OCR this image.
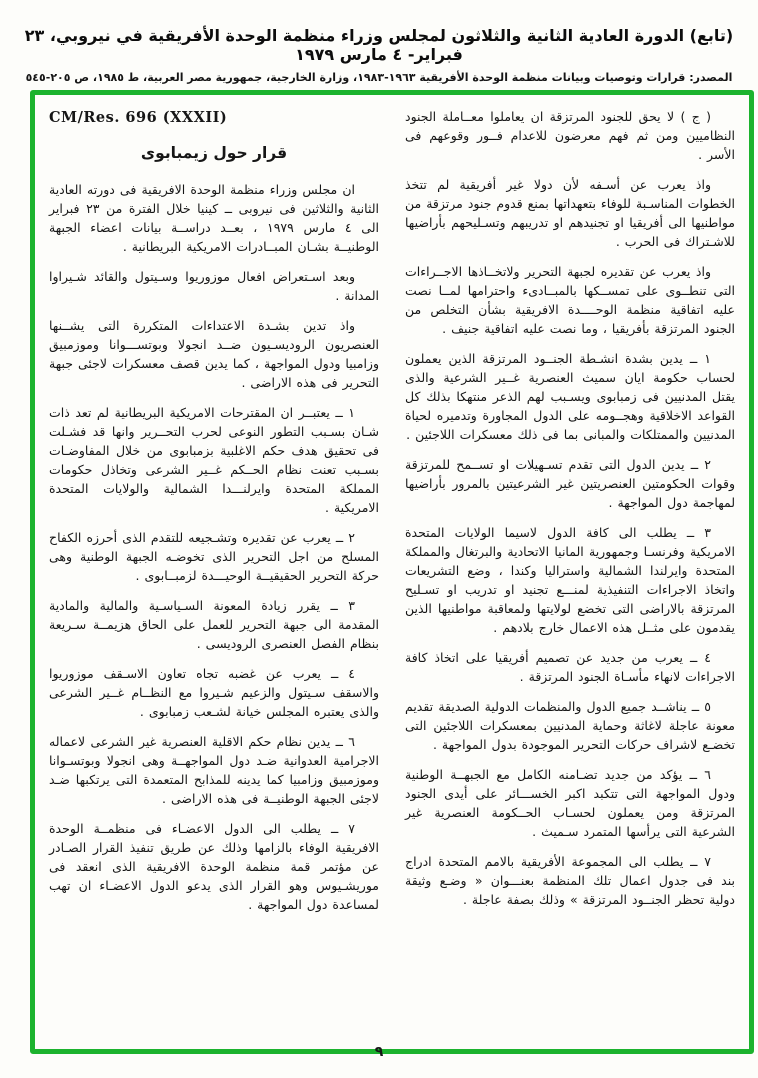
(تابع) الدورة العادية الثانية والثلاثون لمجلس وزراء منظمة الوحدة الأفريقية في نيروبي، ٢٣ فبراير- ٤ مارس ١٩٧٩
المصدر: قرارات وتوصيات وبيانات منظمة الوحدة الأفريقية ١٩٦٣-١٩٨٣، وزارة الخارجية، جمهورية مصر العربية، ط ١٩٨٥، ص ٢٠٥-٥٤٥

( ج ) لا يحق للجنود المرتزقة ان يعاملوا معــاملة الجنود النظاميين ومن ثم فهم معرضون للاعدام فــور وقوعهم فى الأسر .

واذ يعرب عن أسـفه لأن دولا غير أفريقية لم تتخذ الخطوات المناسـبة للوفاء بتعهداتها بمنع قدوم جنود مرتزقة من مواطنيها الى أفريقيا او تجنيدهم او تدريبهم وتسـليحهم بأراضيها للاشـتراك فى الحرب .

واذ يعرب عن تقديره لجبهة التحرير ولاتخــاذها الاجــراءات التى تنطــوى على تمســكها بالمبــادىء واحترامها لمــا نصت عليه اتفاقية منظمة الوحــــدة الافريقية بشأن التخلص من الجنود المرتزقة بأفريقيا ، وما نصت عليه اتفاقية جنيف .

١ ــ يدين بشدة انشـطة الجنــود المرتزقة الذين يعملون لحساب حكومة ايان سميث العنصرية غــير الشرعية والذى يقتل المدنيين فى زمبابوى ويسـبب لهم الذعر منتهكا بذلك كل القواعد الاخلاقية وهجــومه على الدول المجاورة وتدميره لحياة المدنيين والممتلكات والمبانى بما فى ذلك معسكرات اللاجئين .

٢ ــ يدين الدول التى تقدم تسـهيلات او تســمح للمرتزقة وقوات الحكومتين العنصريتين غير الشرعيتين بالمرور بأراضيها لمهاجمة دول المواجهة .

٣ ــ يطلب الى كافة الدول لاسيما الولايات المتحدة الامريكية وفرنسـا وجمهورية المانيا الاتحادية والبرتغال والمملكة المتحدة وايرلندا الشمالية واستراليا وكندا ، وضع التشريعات واتخاذ الاجراءات التنفيذية لمنـــع تجنيد او تدريب او تسـليح المرتزقة بالاراضى التى تخضع لولايتها ولمعاقبة مواطنيها الذين يقدمون على مثــل هذه الاعمال خارج بلادهم .

٤ ــ يعرب من جديد عن تصميم أفريقيا على اتخاذ كافة الاجراءات لانهاء مأسـاة الجنود المرتزقة .

٥ ــ يناشــد جميع الدول والمنظمات الدولية الصديقة تقديم معونة عاجلة لاغاثة وحماية المدنيين بمعسكرات اللاجئين التى تخضـع لاشراف حركات التحرير الموجودة بدول المواجهة .

٦ ــ يؤكد من جديد تضـامنه الكامل مع الجبهــة الوطنية ودول المواجهة التى تتكبد اكبر الخســـائر على أيدى الجنود المرتزقة ومن يعملون لحسـاب الحــكومة العنصرية غير الشرعية التى يرأسها المتمرد سـميث .

٧ ــ يطلب الى المجموعة الأفريقية بالامم المتحدة ادراج بند فى جدول اعمال تلك المنظمة بعنـــوان « وضـع وثيقة دولية تحظر الجنــود المرتزقة » وذلك بصفة عاجلة .

CM/Res. 696 (XXXII)
قرار حول زيمبابوى

ان مجلس وزراء منظمة الوحدة الافريقية فى دورته العادية الثانية والثلاثين فى نيروبى ــ كينيا خلال الفترة من ٢٣ فبراير الى ٤ مارس ١٩٧٩ ، بعــد دراســة بيانات اعضاء الجبهة الوطنيــة بشـان المبــادرات الامريكية البريطانية .

وبعد اسـتعراض افعال موزوريوا وسـيتول والقائد شـيراوا المدانة .

واذ تدين بشـدة الاعتداءات المتكررة التى يشــنها العنصريون الروديسـيون ضــد انجولا وبوتســـوانا وموزمبيق وزامبيا ودول المواجهة ، كما يدين قصف معسكرات لاجئى جبهة التحرير فى هذه الاراضى .

١ ــ يعتبــر ان المقترحات الامريكية البريطانية لم تعد ذات شـان بسـبب التطور النوعى لحرب التحــرير وانها قد فشـلت فى تحقيق هدف حكم الاغلبية بزمبابوى من خلال المفاوضـات بسـبب تعنت نظام الحــكم غــير الشرعى وتخاذل حكومات المملكة المتحدة وايرلنـــدا الشمالية والولايات المتحدة الامريكية .

٢ ــ يعرب عن تقديره وتشـجيعه للتقدم الذى أحرزه الكفاح المسلح من اجل التحرير الذى تخوضـه الجبهة الوطنية وهى حركة التحرير الحقيقيــة الوحيـــدة لزمبــابوى .

٣ ــ يقرر زيادة المعونة السـياسـية والمالية والمادية المقدمة الى جبهة التحرير للعمل على الحاق هزيمــة سـريعة بنظام الفصل العنصرى الروديسى .

٤ ــ يعرب عن غضبه تجاه تعاون الاسـقف موزوريوا والاسقف سـيتول والزعيم شـيروا مع النظــام غــير الشرعى والذى يعتبره المجلس خيانة لشـعب زمبابوى .

٦ ــ يدين نظام حكم الاقلية العنصرية غير الشرعى لاعماله الاجرامية العدوانية ضـد دول المواجهــة وهى انجولا وبوتسـوانا وموزمبيق وزامبيا كما يدينه للمذابح المتعمدة التى يرتكبها ضـد لاجئى الجبهة الوطنيــة فى هذه الاراضى .

٧ ــ يطلب الى الدول الاعضـاء فى منظمــة الوحدة الافريقية الوفاء بالزامها وذلك عن طريق تنفيذ القرار الصـادر عن مؤتمر قمة منظمة الوحدة الافريقية الذى انعقد فى موريشـيوس وهو القرار الذى يدعو الدول الاعضـاء ان تهب لمساعدة دول المواجهة .

٩
